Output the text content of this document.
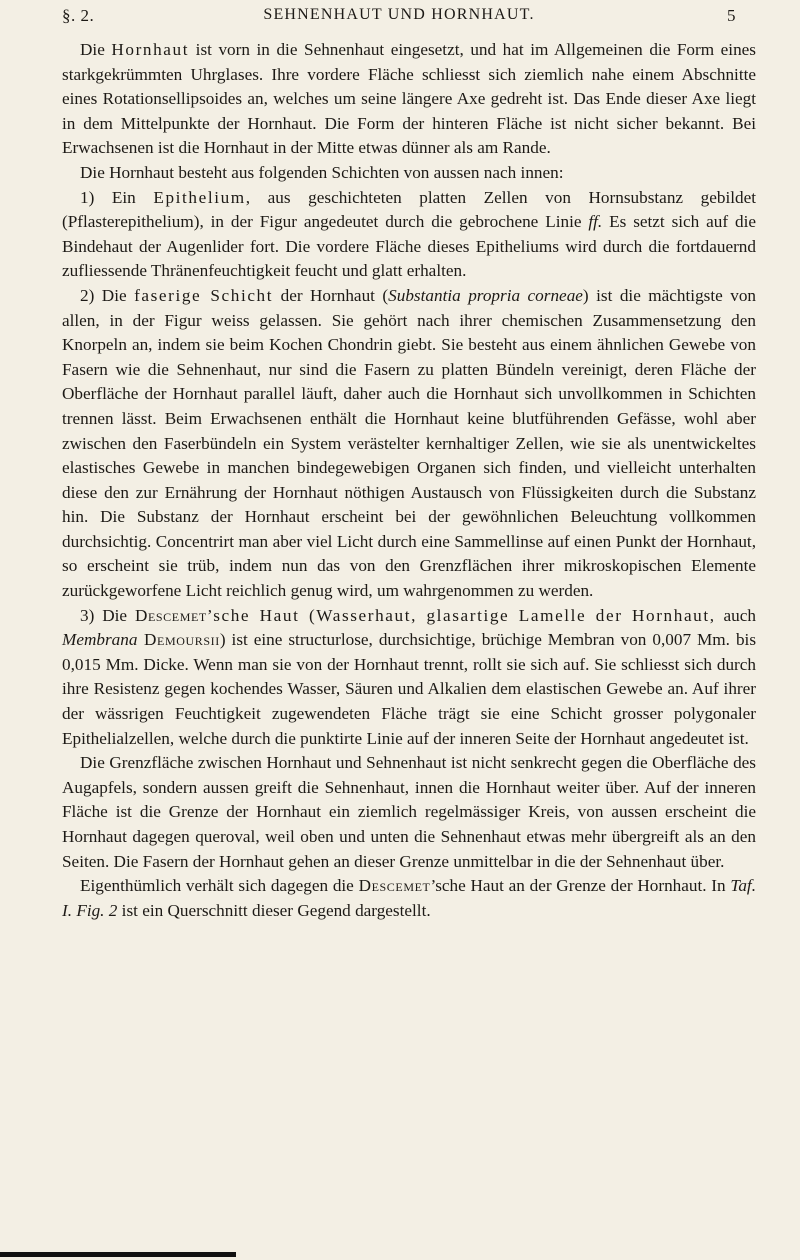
§. 2.	SEHNENHAUT UND HORNHAUT.	5

Die Hornhaut ist vorn in die Sehnenhaut eingesetzt, und hat im Allgemeinen die Form eines starkgekrümmten Uhrglases. Ihre vordere Fläche schliesst sich ziemlich nahe einem Abschnitte eines Rotationsellipsoides an, welches um seine längere Axe gedreht ist. Das Ende dieser Axe liegt in dem Mittelpunkte der Hornhaut. Die Form der hinteren Fläche ist nicht sicher bekannt. Bei Erwachsenen ist die Hornhaut in der Mitte etwas dünner als am Rande.

Die Hornhaut besteht aus folgenden Schichten von aussen nach innen:

1) Ein Epithelium, aus geschichteten platten Zellen von Hornsubstanz gebildet (Pflasterepithelium), in der Figur angedeutet durch die gebrochene Linie ff. Es setzt sich auf die Bindehaut der Augenlider fort. Die vordere Fläche dieses Epitheliums wird durch die fortdauernd zufliessende Thränenfeuchtigkeit feucht und glatt erhalten.

2) Die faserige Schicht der Hornhaut (Substantia propria corneae) ist die mächtigste von allen, in der Figur weiss gelassen. Sie gehört nach ihrer chemischen Zusammensetzung den Knorpeln an, indem sie beim Kochen Chondrin giebt. Sie besteht aus einem ähnlichen Gewebe von Fasern wie die Sehnenhaut, nur sind die Fasern zu platten Bündeln vereinigt, deren Fläche der Oberfläche der Hornhaut parallel läuft, daher auch die Hornhaut sich unvollkommen in Schichten trennen lässt. Beim Erwachsenen enthält die Hornhaut keine blutführenden Gefässe, wohl aber zwischen den Faserbündeln ein System verästelter kernhaltiger Zellen, wie sie als unentwickeltes elastisches Gewebe in manchen bindegewebigen Organen sich finden, und vielleicht unterhalten diese den zur Ernährung der Hornhaut nöthigen Austausch von Flüssigkeiten durch die Substanz hin. Die Substanz der Hornhaut erscheint bei der gewöhnlichen Beleuchtung vollkommen durchsichtig. Concentrirt man aber viel Licht durch eine Sammellinse auf einen Punkt der Hornhaut, so erscheint sie trüb, indem nun das von den Grenzflächen ihrer mikroskopischen Elemente zurückgeworfene Licht reichlich genug wird, um wahrgenommen zu werden.

3) Die Descemet’sche Haut (Wasserhaut, glasartige Lamelle der Hornhaut, auch Membrana Demoursii) ist eine structurlose, durchsichtige, brüchige Membran von 0,007 Mm. bis 0,015 Mm. Dicke. Wenn man sie von der Hornhaut trennt, rollt sie sich auf. Sie schliesst sich durch ihre Resistenz gegen kochendes Wasser, Säuren und Alkalien dem elastischen Gewebe an. Auf ihrer der wässrigen Feuchtigkeit zugewendeten Fläche trägt sie eine Schicht grosser polygonaler Epithelialzellen, welche durch die punktirte Linie auf der inneren Seite der Hornhaut angedeutet ist.

Die Grenzfläche zwischen Hornhaut und Sehnenhaut ist nicht senkrecht gegen die Oberfläche des Augapfels, sondern aussen greift die Sehnenhaut, innen die Hornhaut weiter über. Auf der inneren Fläche ist die Grenze der Hornhaut ein ziemlich regelmässiger Kreis, von aussen erscheint die Hornhaut dagegen queroval, weil oben und unten die Sehnenhaut etwas mehr übergreift als an den Seiten. Die Fasern der Hornhaut gehen an dieser Grenze unmittelbar in die der Sehnenhaut über.

Eigenthümlich verhält sich dagegen die Descemet’sche Haut an der Grenze der Hornhaut. In Taf. I. Fig. 2 ist ein Querschnitt dieser Gegend dargestellt.
